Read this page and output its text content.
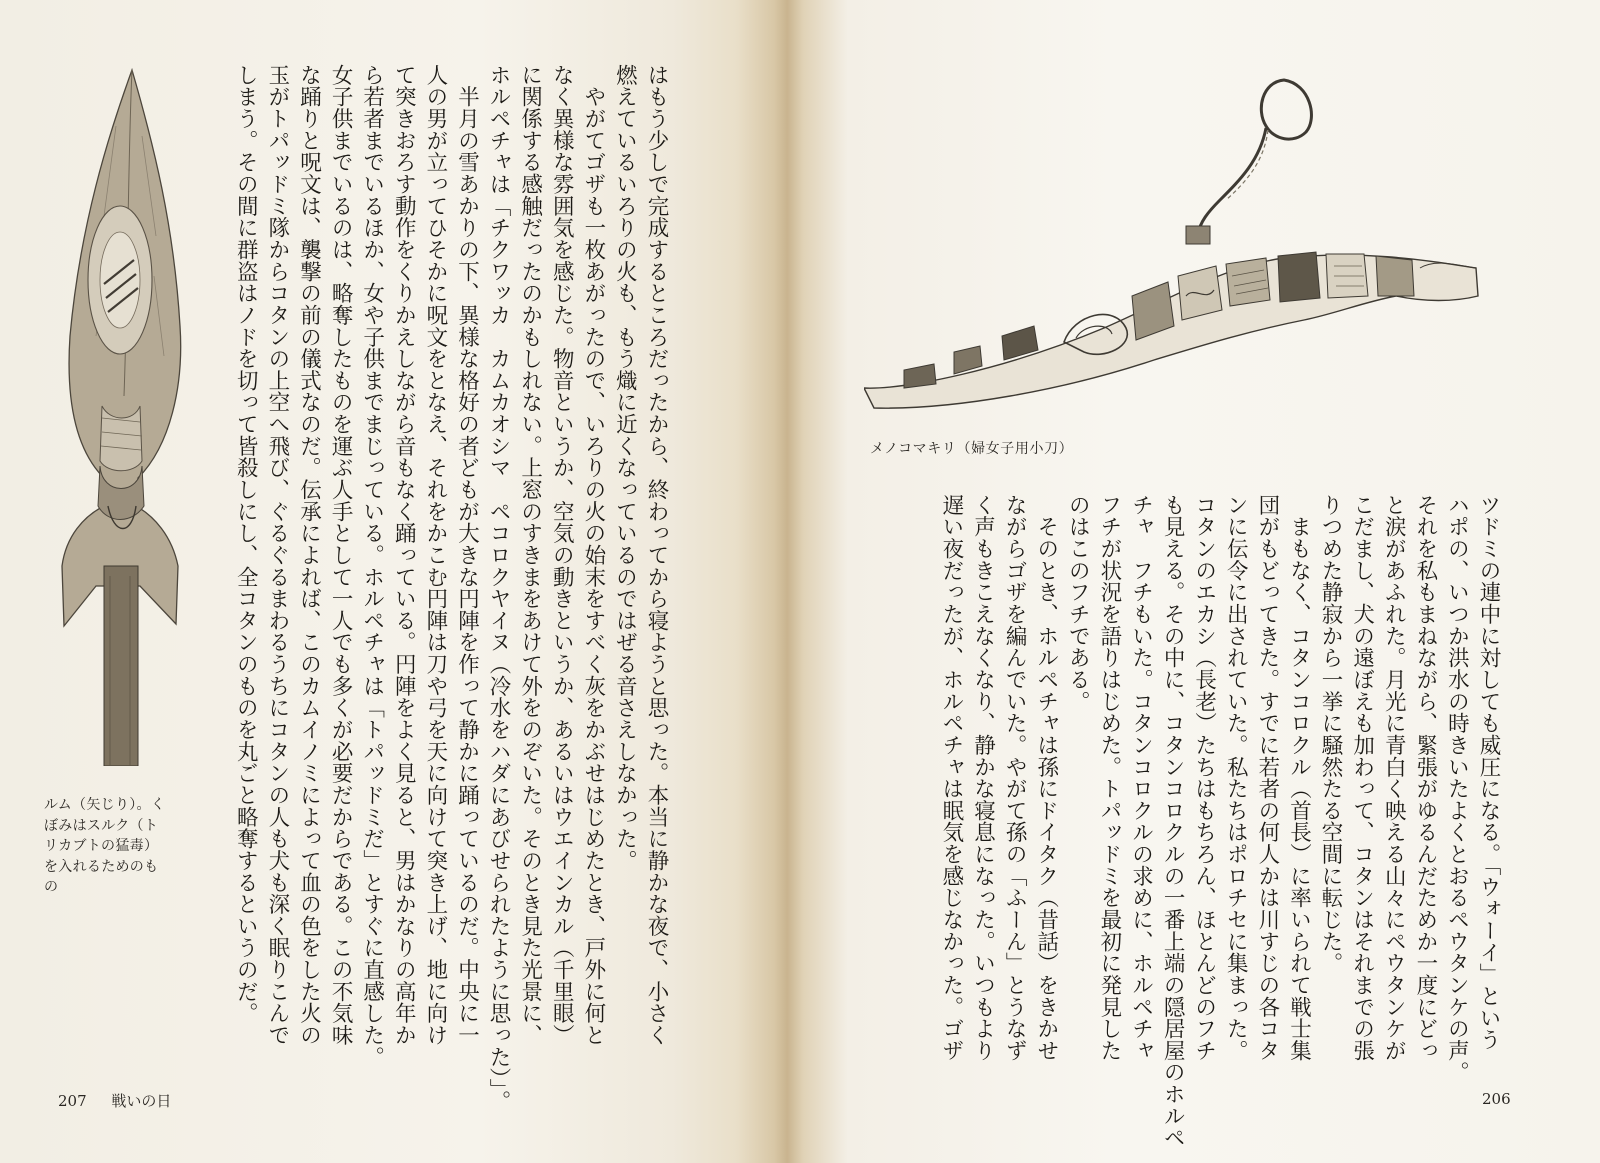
ルム（矢じり）。く
ぼみはスルク（ト
リカブトの猛毒）
を入れるためのも
の	はもう少しで完成するところだったから、終わってから寝ようと思った。本当に静かな夜で、小さく

燃えているいろりの火も、もう熾に近くなっているのではぜる音さえしなかった。

　やがてゴザも一枚あがったので、いろりの火の始末をすべく灰をかぶせはじめたとき、戸外に何と

なく異様な雰囲気を感じた。物音というか、空気の動きというか、あるいはウエインカル（千里眼）

に関係する感触だったのかもしれない。上窓のすきまをあけて外をのぞいた。そのとき見た光景に、

ホルペチャは「チクワッカ　カムカオシマ　ペコロクヤイヌ（冷水をハダにあびせられたように思った）」。

　半月の雪あかりの下、異様な格好の者どもが大きな円陣を作って静かに踊っているのだ。中央に一

人の男が立ってひそかに呪文をとなえ、それをかこむ円陣は刀や弓を天に向けて突き上げ、地に向け

て突きおろす動作をくりかえしながら音もなく踊っている。円陣をよく見ると、男はかなりの高年か

ら若者までいるほか、女や子供までまじっている。ホルペチャは「トパッドミだ」とすぐに直感した。

女子供までいるのは、略奪したものを運ぶ人手として一人でも多くが必要だからである。この不気味

な踊りと呪文は、襲撃の前の儀式なのだ。伝承によれば、このカムイノミによって血の色をした火の

玉がトパッドミ隊からコタンの上空へ飛び、ぐるぐるまわるうちにコタンの人も犬も深く眠りこんで

しまう。その間に群盗はノドを切って皆殺しにし、全コタンのものを丸ごと略奪するというのだ。

207 戦いの日
メノコマキリ（婦女子用小刀）

ツドミの連中に対しても威圧になる。「ウォーイ」という

ハポの、いつか洪水の時きいたよくとおるペウタンケの声。

それを私もまねながら、緊張がゆるんだためか一度にどっ

と涙があふれた。月光に青白く映える山々にペウタンケが

こだまし、犬の遠ぼえも加わって、コタンはそれまでの張

りつめた静寂から一挙に騒然たる空間に転じた。

　まもなく、コタンコロクル（首長）に率いられて戦士集

団がもどってきた。すでに若者の何人かは川すじの各コタ

ンに伝令に出されていた。私たちはポロチセに集まった。

コタンのエカシ（長老）たちはもちろん、ほとんどのフチ

も見える。その中に、コタンコロクルの一番上端の隠居屋のホルペ

チャ　フチもいた。コタンコロクルの求めに、ホルペチャ

フチが状況を語りはじめた。トパッドミを最初に発見した

のはこのフチである。

　そのとき、ホルペチャは孫にドイタク（昔話）をきかせ

ながらゴザを編んでいた。やがて孫の「ふーん」とうなず

く声もきこえなくなり、静かな寝息になった。いつもより

遅い夜だったが、ホルペチャは眠気を感じなかった。ゴザ

206
